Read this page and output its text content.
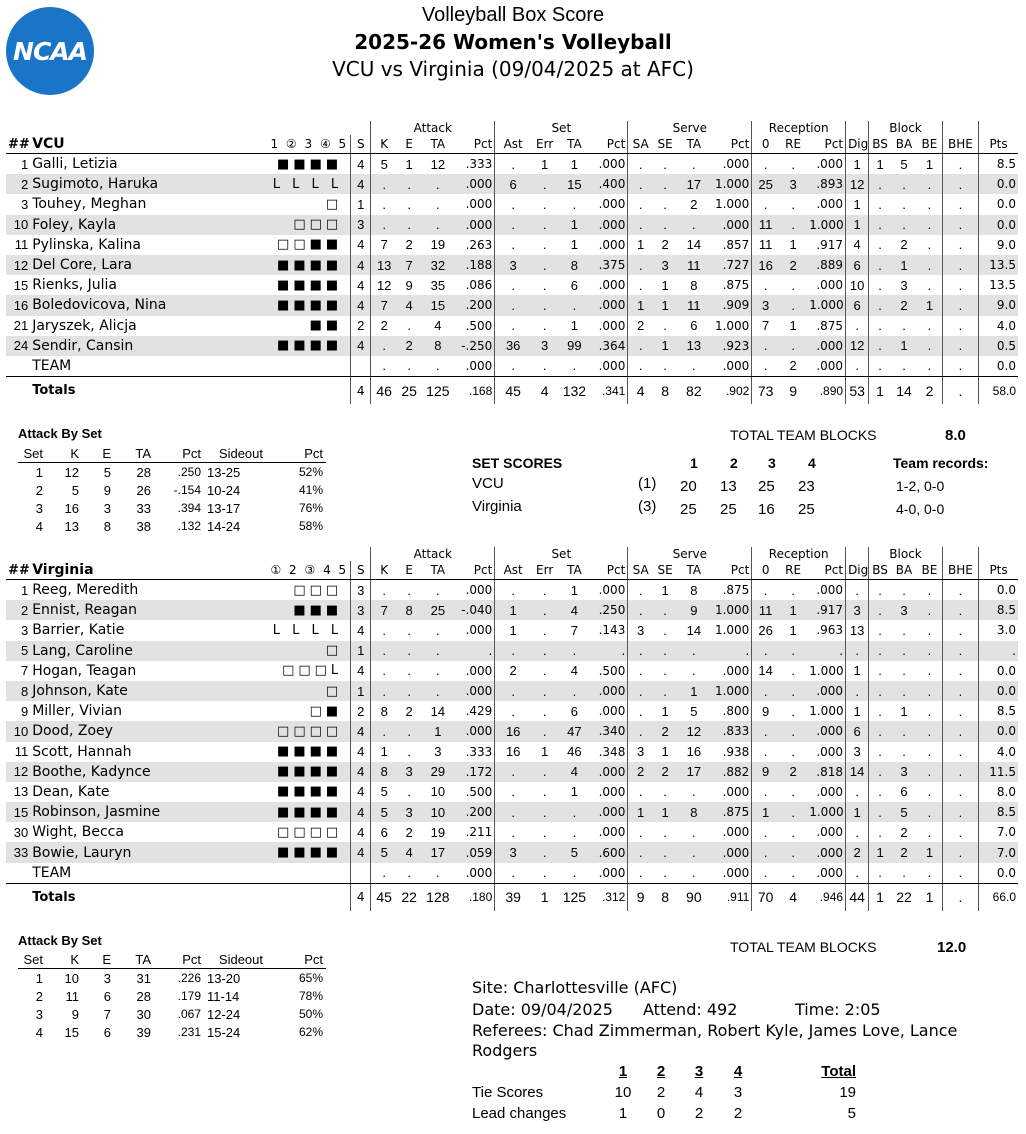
NCAA
Volleyball Box Score
2025-26 Women's Volleyball
VCU vs Virginia (09/04/2025 at AFC)
				Attack				Set				Serve				Reception				Block				
##	VCU	1 ② 3 ④ 5	S	K	E	TA	Pct	Ast	Err	TA	Pct	SA	SE	TA	Pct	0	RE	Pct	Dig	BS	BA	BE	BHE	Pts
1	Galli, Letizia	■■■■	4	5	1	12	.333	.	1	1	.000	.	.	.	.000	.	.	.000	1	1	5	1	.	8.5
2	Sugimoto, Haruka	L L L L	4	.	.	.	.000	6	.	15	.400	.	.	17	1.000	25	3	.893	12	.	.	.	.	0.0
3	Touhey, Meghan	□	1	.	.	.	.000	.	.	.	.000	.	.	2	1.000	.	.	.000	1	.	.	.	.	0.0
10	Foley, Kayla	□□□	3	.	.	.	.000	.	.	1	.000	.	.	.	.000	11	.	1.000	1	.	.	.	.	0.0
11	Pylinska, Kalina	□□■■	4	7	2	19	.263	.	.	1	.000	1	2	14	.857	11	1	.917	4	.	2	.	.	9.0
12	Del Core, Lara	■■■■	4	13	7	32	.188	3	.	8	.375	.	3	11	.727	16	2	.889	6	.	1	.	.	13.5
15	Rienks, Julia	■■■■	4	12	9	35	.086	.	.	6	.000	.	1	8	.875	.	.	.000	10	.	3	.	.	13.5
16	Boledovicova, Nina	■■■■	4	7	4	15	.200	.	.	.	.000	1	1	11	.909	3	.	1.000	6	.	2	1	.	9.0
21	Jaryszek, Alicja	■■	2	2	.	4	.500	.	.	1	.000	2	.	6	1.000	7	1	.875	.	.	.	.	.	4.0
24	Sendir, Cansin	■■■■	4	.	2	8	-.250	36	3	99	.364	.	1	13	.923	.	.	.000	12	.	1	.	.	0.5
	TEAM			.	.	.	.000	.	.	.	.000	.	.	.	.000	.	2	.000	.	.	.	.	.	0.0
	Totals		4	46	25	125	.168	45	4	132	.341	4	8	82	.902	73	9	.890	53	1	14	2	.	58.0
Attack By Set
Set	K	E	TA	Pct	Sideout	Pct
1	12	5	28	.250	13-25	52%
2	5	9	26	-.154	10-24	41%
3	16	3	33	.394	13-17	76%
4	13	8	38	.132	14-24	58%
TOTAL TEAM BLOCKS	8.0
SET SCORES	Team records:
1 2 3 4
VCU	(1) 20 13 25 23	1-2, 0-0
Virginia	(3) 25 25 16 25	4-0, 0-0
				Attack				Set				Serve				Reception				Block				
##	Virginia	① 2 ③ 4 5	S	K	E	TA	Pct	Ast	Err	TA	Pct	SA	SE	TA	Pct	0	RE	Pct	Dig	BS	BA	BE	BHE	Pts
1	Reeg, Meredith	□□□	3	.	.	.	.000	.	.	1	.000	.	1	8	.875	.	.	.000	.	.	.	.	.	0.0
2	Ennist, Reagan	■■■	3	7	8	25	-.040	1	.	4	.250	.	.	9	1.000	11	1	.917	3	.	3	.	.	8.5
3	Barrier, Katie	L L L L	4	.	.	.	.000	1	.	7	.143	3	.	14	1.000	26	1	.963	13	.	.	.	.	3.0
5	Lang, Caroline	□	1	.	.	.	.	.	.	.	.	.	.	.	.	.	.	.	.	.	.	.	.	.
7	Hogan, Teagan	□□□L	4	.	.	.	.000	2	.	4	.500	.	.	.	.000	14	.	1.000	1	.	.	.	.	0.0
8	Johnson, Kate	□	1	.	.	.	.000	.	.	.	.000	.	.	1	1.000	.	.	.000	.	.	.	.	.	0.0
9	Miller, Vivian	□■	2	8	2	14	.429	.	.	6	.000	.	1	5	.800	9	.	1.000	1	.	1	.	.	8.5
10	Dood, Zoey	□□□□	4	.	.	1	.000	16	.	47	.340	.	2	12	.833	.	.	.000	6	.	.	.	.	0.0
11	Scott, Hannah	■■■■	4	1	.	3	.333	16	1	46	.348	3	1	16	.938	.	.	.000	3	.	.	.	.	4.0
12	Boothe, Kadynce	■■■■	4	8	3	29	.172	.	.	4	.000	2	2	17	.882	9	2	.818	14	.	3	.	.	11.5
13	Dean, Kate	■■■■	4	5	.	10	.500	.	.	1	.000	.	.	.	.000	.	.	.000	.	.	6	.	.	8.0
15	Robinson, Jasmine	■■■■	4	5	3	10	.200	.	.	.	.000	1	1	8	.875	1	.	1.000	1	.	5	.	.	8.5
30	Wight, Becca	□□□□	4	6	2	19	.211	.	.	.	.000	.	.	.	.000	.	.	.000	.	.	2	.	.	7.0
33	Bowie, Lauryn	■■■■	4	5	4	17	.059	3	.	5	.600	.	.	.	.000	.	.	.000	2	1	2	1	.	7.0
	TEAM			.	.	.	.000	.	.	.	.000	.	.	.	.000	.	.	.000	.	.	.	.	.	0.0
	Totals		4	45	22	128	.180	39	1	125	.312	9	8	90	.911	70	4	.946	44	1	22	1	.	66.0
Attack By Set
Set	K	E	TA	Pct	Sideout	Pct
1	10	3	31	.226	13-20	65%
2	11	6	28	.179	11-14	78%
3	9	7	30	.067	12-24	50%
4	15	6	39	.231	15-24	62%
TOTAL TEAM BLOCKS	12.0
Site: Charlottesville (AFC)
Date: 09/04/2025 Attend: 492	Time: 2:05
Referees: Chad Zimmerman, Robert Kyle, James Love, Lance Rodgers
	1	2	3	4	Total
Tie Scores	10	2	4	3	19
Lead changes	1	0	2	2	5
